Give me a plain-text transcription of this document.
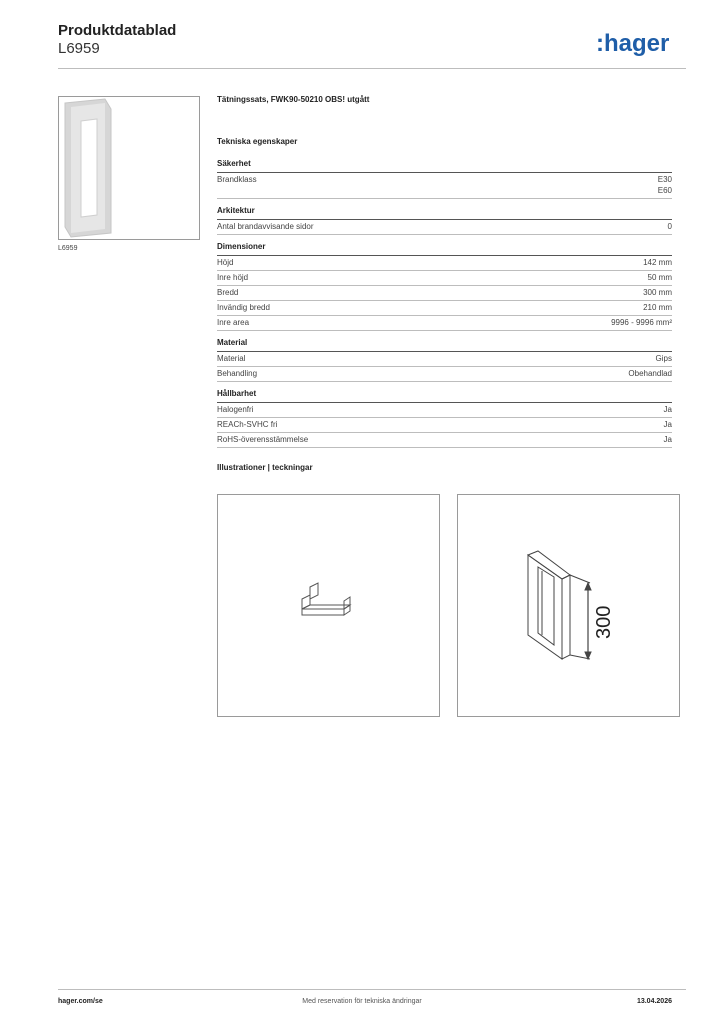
Produktdatablad
L6959	:hager
L6959
Tätningssats, FWK90-50210 OBS! utgått
Tekniska egenskaper
Säkerhet
Brandklass	E30
E60
Arkitektur
Antal brandavvisande sidor	0
Dimensioner
Höjd	142 mm
Inre höjd	50 mm
Bredd	300 mm
Invändig bredd	210 mm
Inre area	9996 - 9996 mm²
Material
Material	Gips
Behandling	Obehandlad
Hållbarhet
Halogenfri	Ja
REACh-SVHC fri	Ja
RoHS-överensstämmelse	Ja
Illustrationer | teckningar
300
hager.com/se	Med reservation för tekniska ändringar	13.04.2026
